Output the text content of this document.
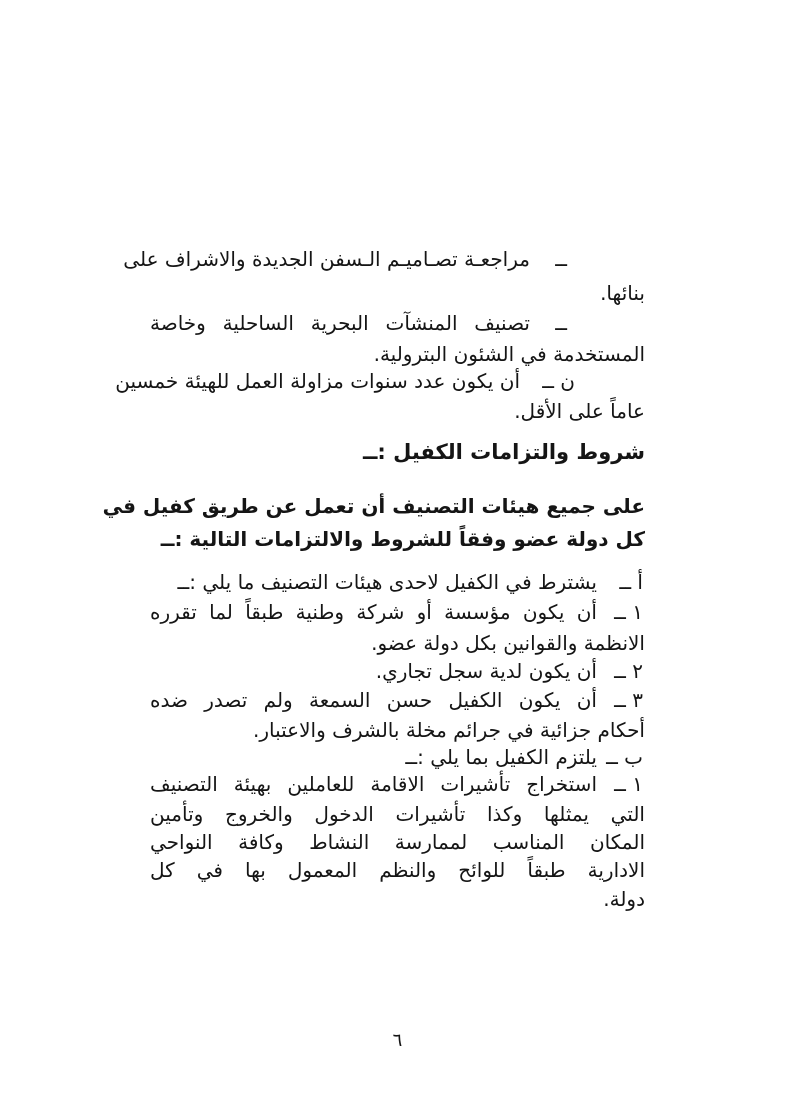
ــ
مراجعـة تصـاميـم الـسفن الجديدة والاشراف على
بنائها.
ــ
تصنيف المنشآت البحرية الساحلية وخاصة
المستخدمة في الشئون البترولية.
ن ــ
أن يكون عدد سنوات مزاولة العمل للهيئة خمسين
عاماً على الأقل.
شروط والتزامات الكفيل :ــ
على جميع هيئات التصنيف أن تعمل عن طريق كفيل في
كل دولة عضو وفقاً للشروط والالتزامات التالية :ــ
أ ــ
يشترط في الكفيل لاحدى هيئات التصنيف ما يلي :ــ
١ ــ
أن يكون مؤسسة أو شركة وطنية طبقاً لما تقرره
الانظمة والقوانين بكل دولة عضو.
٢ ــ
أن يكون لدية سجل تجاري.
٣ ــ
أن يكون الكفيل حسن السمعة ولم تصدر ضده
أحكام جزائية في جرائم مخلة بالشرف والاعتبار.
ب ــ
يلتزم الكفيل بما يلي :ــ
١ ــ
استخراج تأشيرات الاقامة للعاملين بهيئة التصنيف
التي يمثلها وكذا تأشيرات الدخول والخروج وتأمين
المكان المناسب لممارسة النشاط وكافة النواحي
الادارية طبقاً للوائح والنظم المعمول بها في كل
دولة.
٦
